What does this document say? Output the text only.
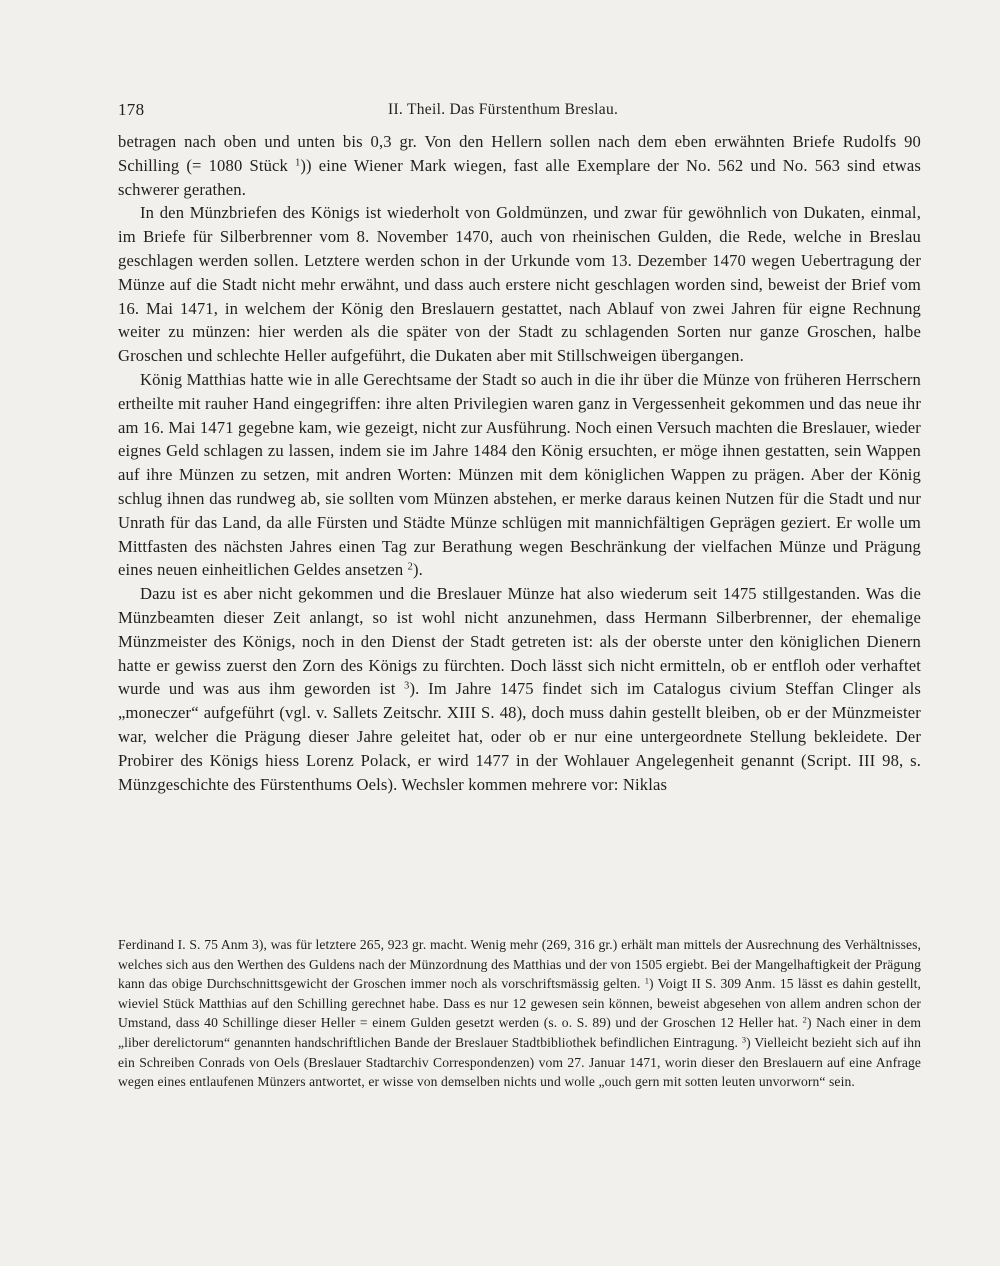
178	II. Theil. Das Fürstenthum Breslau.

betragen nach oben und unten bis 0,3 gr. Von den Hellern sollen nach dem eben erwähnten Briefe Rudolfs 90 Schilling (= 1080 Stück $^1$)) eine Wiener Mark wiegen, fast alle Exemplare der No. 562 und No. 563 sind etwas schwerer gerathen.

In den Münzbriefen des Königs ist wiederholt von Goldmünzen, und zwar für gewöhnlich von Dukaten, einmal, im Briefe für Silberbrenner vom 8. November 1470, auch von rheinischen Gulden, die Rede, welche in Breslau geschlagen werden sollen. Letztere werden schon in der Urkunde vom 13. Dezember 1470 wegen Uebertragung der Münze auf die Stadt nicht mehr erwähnt, und dass auch erstere nicht geschlagen worden sind, beweist der Brief vom 16. Mai 1471, in welchem der König den Breslauern gestattet, nach Ablauf von zwei Jahren für eigne Rechnung weiter zu münzen: hier werden als die später von der Stadt zu schlagenden Sorten nur ganze Groschen, halbe Groschen und schlechte Heller aufgeführt, die Dukaten aber mit Stillschweigen übergangen.

König Matthias hatte wie in alle Gerechtsame der Stadt so auch in die ihr über die Münze von früheren Herrschern ertheilte mit rauher Hand eingegriffen: ihre alten Privilegien waren ganz in Vergessenheit gekommen und das neue ihr am 16. Mai 1471 gegebne kam, wie gezeigt, nicht zur Ausführung. Noch einen Versuch machten die Breslauer, wieder eignes Geld schlagen zu lassen, indem sie im Jahre 1484 den König ersuchten, er möge ihnen gestatten, sein Wappen auf ihre Münzen zu setzen, mit andren Worten: Münzen mit dem königlichen Wappen zu prägen. Aber der König schlug ihnen das rundweg ab, sie sollten vom Münzen abstehen, er merke daraus keinen Nutzen für die Stadt und nur Unrath für das Land, da alle Fürsten und Städte Münze schlügen mit mannichfältigen Geprägen geziert. Er wolle um Mittfasten des nächsten Jahres einen Tag zur Berathung wegen Beschränkung der vielfachen Münze und Prägung eines neuen einheitlichen Geldes ansetzen $^2$).

Dazu ist es aber nicht gekommen und die Breslauer Münze hat also wiederum seit 1475 stillgestanden. Was die Münzbeamten dieser Zeit anlangt, so ist wohl nicht anzunehmen, dass Hermann Silberbrenner, der ehemalige Münzmeister des Königs, noch in den Dienst der Stadt getreten ist: als der oberste unter den königlichen Dienern hatte er gewiss zuerst den Zorn des Königs zu fürchten. Doch lässt sich nicht ermitteln, ob er entfloh oder verhaftet wurde und was aus ihm geworden ist $^3$). Im Jahre 1475 findet sich im Catalogus civium Steffan Clinger als „moneczer“ aufgeführt (vgl. v. Sallets Zeitschr. XIII S. 48), doch muss dahin gestellt bleiben, ob er der Münzmeister war, welcher die Prägung dieser Jahre geleitet hat, oder ob er nur eine untergeordnete Stellung bekleidete. Der Probirer des Königs hiess Lorenz Polack, er wird 1477 in der Wohlauer Angelegenheit genannt (Script. III 98, s. Münzgeschichte des Fürstenthums Oels). Wechsler kommen mehrere vor: Niklas

Ferdinand I. S. 75 Anm 3), was für letztere 265, 923 gr. macht. Wenig mehr (269, 316 gr.) erhält man mittels der Ausrechnung des Verhältnisses, welches sich aus den Werthen des Guldens nach der Münzordnung des Matthias und der von 1505 ergiebt. Bei der Mangelhaftigkeit der Prägung kann das obige Durchschnittsgewicht der Groschen immer noch als vorschriftsmässig gelten. $^1$) Voigt II S. 309 Anm. 15 lässt es dahin gestellt, wieviel Stück Matthias auf den Schilling gerechnet habe. Dass es nur 12 gewesen sein können, beweist abgesehen von allem andren schon der Umstand, dass 40 Schillinge dieser Heller = einem Gulden gesetzt werden (s. o. S. 89) und der Groschen 12 Heller hat. $^2$) Nach einer in dem „liber derelictorum“ genannten handschriftlichen Bande der Breslauer Stadtbibliothek befindlichen Eintragung. $^3$) Vielleicht bezieht sich auf ihn ein Schreiben Conrads von Oels (Breslauer Stadtarchiv Correspondenzen) vom 27. Januar 1471, worin dieser den Breslauern auf eine Anfrage wegen eines entlaufenen Münzers antwortet, er wisse von demselben nichts und wolle „ouch gern mit sotten leuten unvorworn“ sein.
